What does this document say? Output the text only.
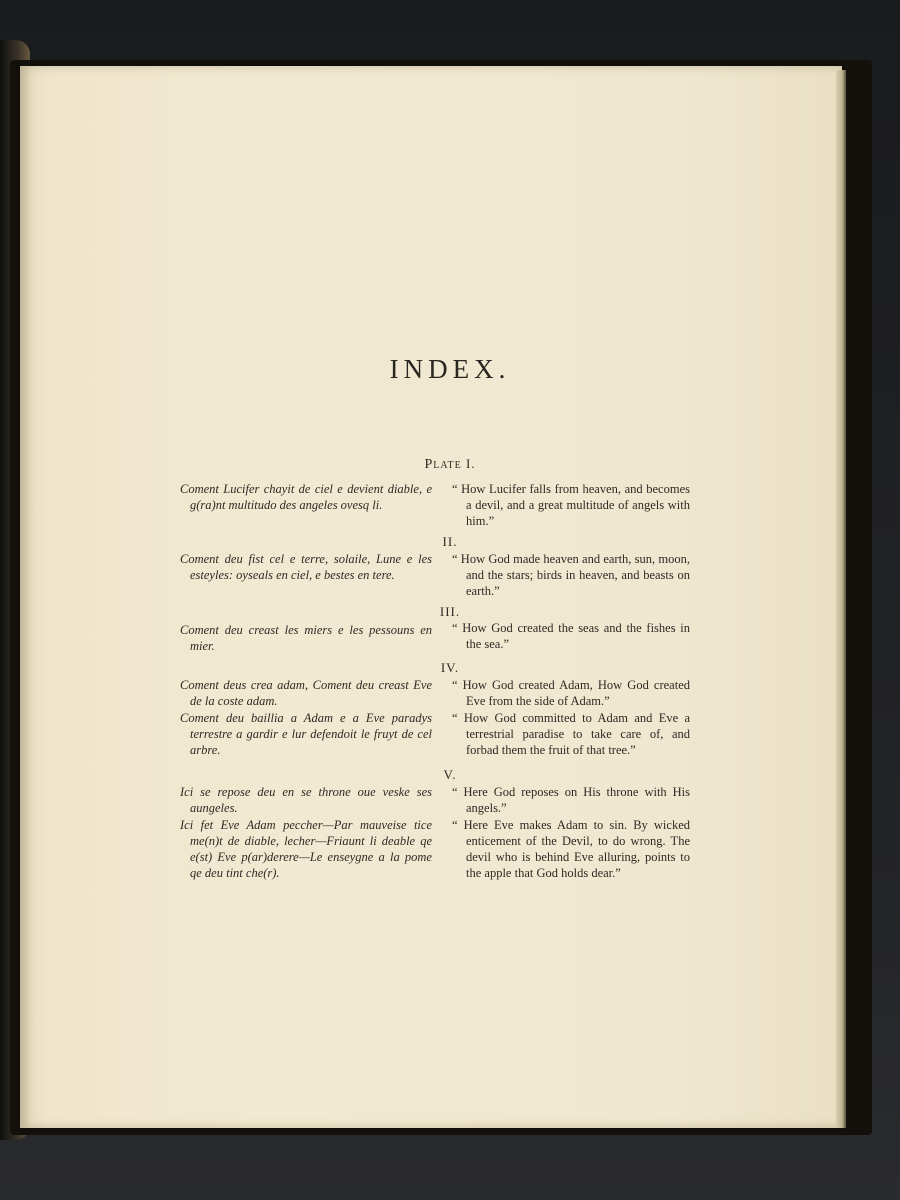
INDEX.
Plate I.
Coment Lucifer chayit de ciel e devient diable, e g(ra)nt multitudo des angeles ovesq li.
“ How Lucifer falls from heaven, and becomes a devil, and a great multitude of angels with him.”
II.
Coment deu fist cel e terre, solaile, Lune e les esteyles: oyseals en ciel, e bestes en tere.
“ How God made heaven and earth, sun, moon, and the stars; birds in heaven, and beasts on earth.”
III.
Coment deu creast les miers e les pessouns en mier.
“ How God created the seas and the fishes in the sea.”
IV.
Coment deus crea adam, Coment deu creast Eve de la coste adam.
“ How God created Adam, How God created Eve from the side of Adam.”
Coment deu baillia a Adam e a Eve paradys terrestre a gardir e lur defendoit le fruyt de cel arbre.
“ How God committed to Adam and Eve a terrestrial paradise to take care of, and forbad them the fruit of that tree.”
V.
Ici se repose deu en se throne oue veske ses aungeles.
“ Here God reposes on His throne with His angels.”
Ici fet Eve Adam peccher—Par mauveise tice me(n)t de diable, lecher—Friaunt li deable qe e(st) Eve p(ar)derere—Le enseygne a la pome qe deu tint che(r).
“ Here Eve makes Adam to sin. By wicked enticement of the Devil, to do wrong. The devil who is behind Eve alluring, points to the apple that God holds dear.”
